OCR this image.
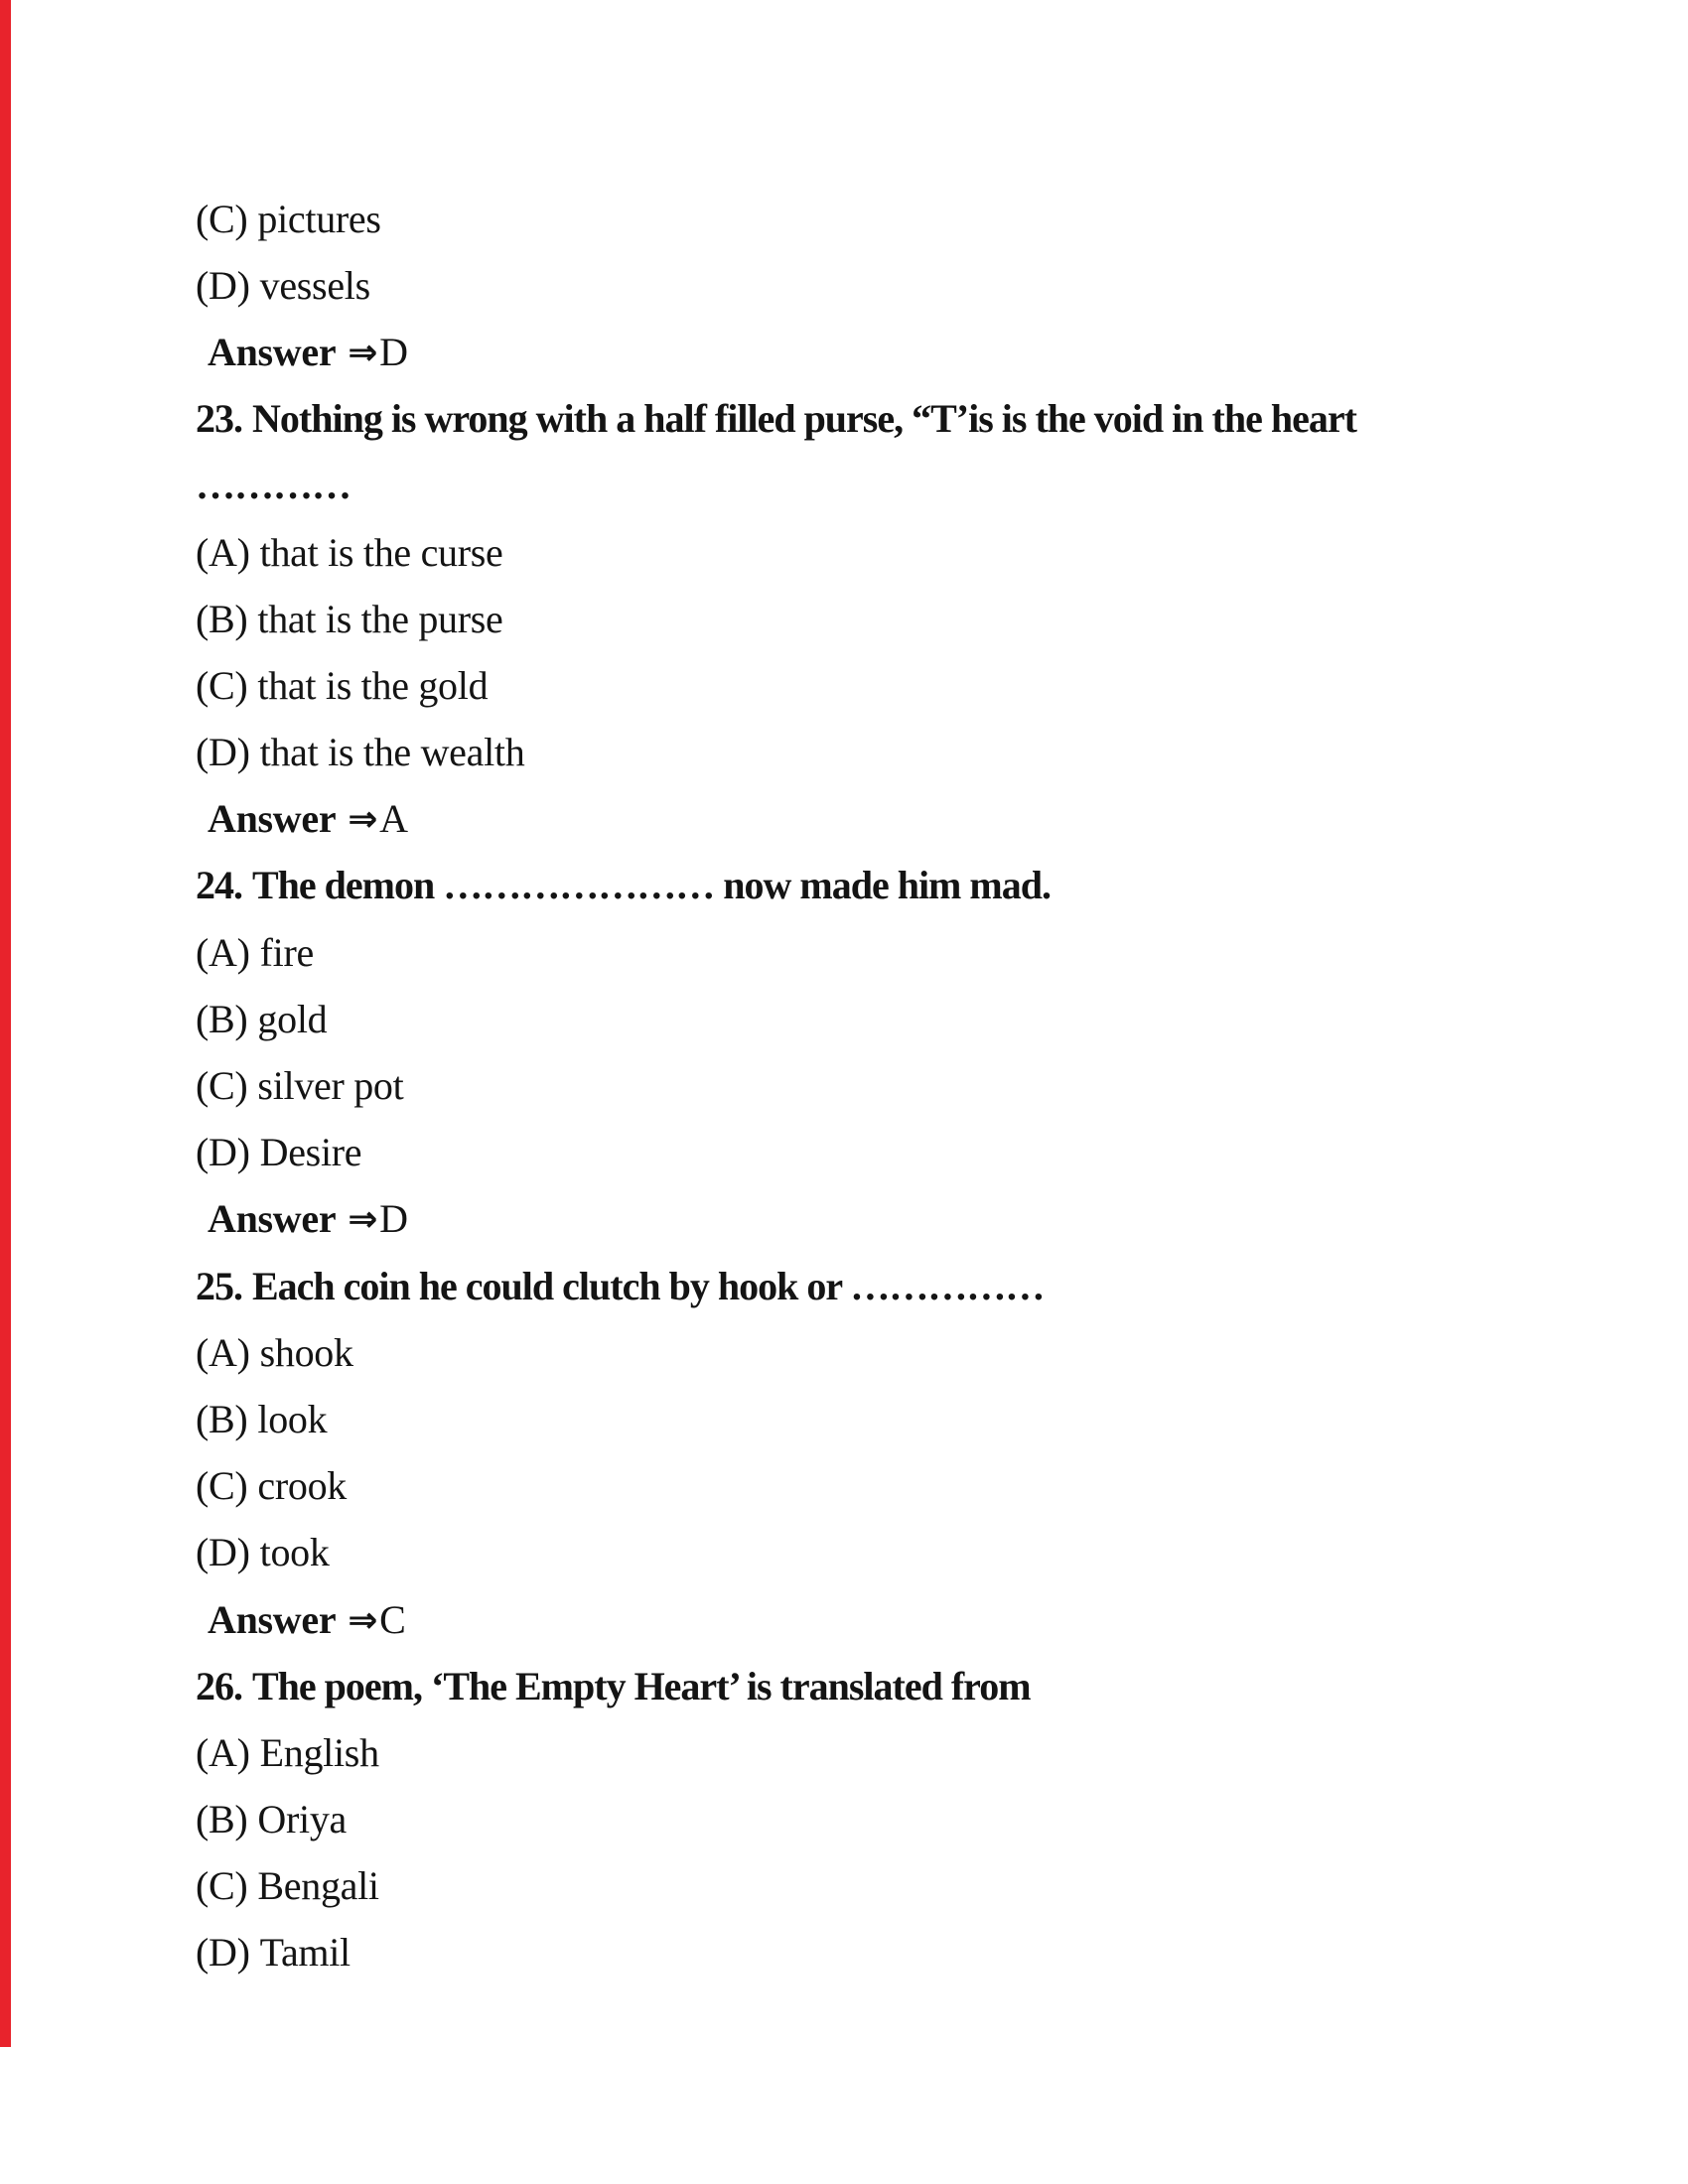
(C) pictures
(D) vessels
Answer ⇒ D
23. Nothing is wrong with a half filled purse, “T’is is the void in the heart
…………
(A) that is the curse
(B) that is the purse
(C) that is the gold
(D) that is the wealth
Answer ⇒ A
24. The demon ………………… now made him mad.
(A) fire
(B) gold
(C) silver pot
(D) Desire
Answer ⇒ D
25. Each coin he could clutch by hook or ……………
(A) shook
(B) look
(C) crook
(D) took
Answer ⇒ C
26. The poem, ‘The Empty Heart’ is translated from
(A) English
(B) Oriya
(C) Bengali
(D) Tamil
